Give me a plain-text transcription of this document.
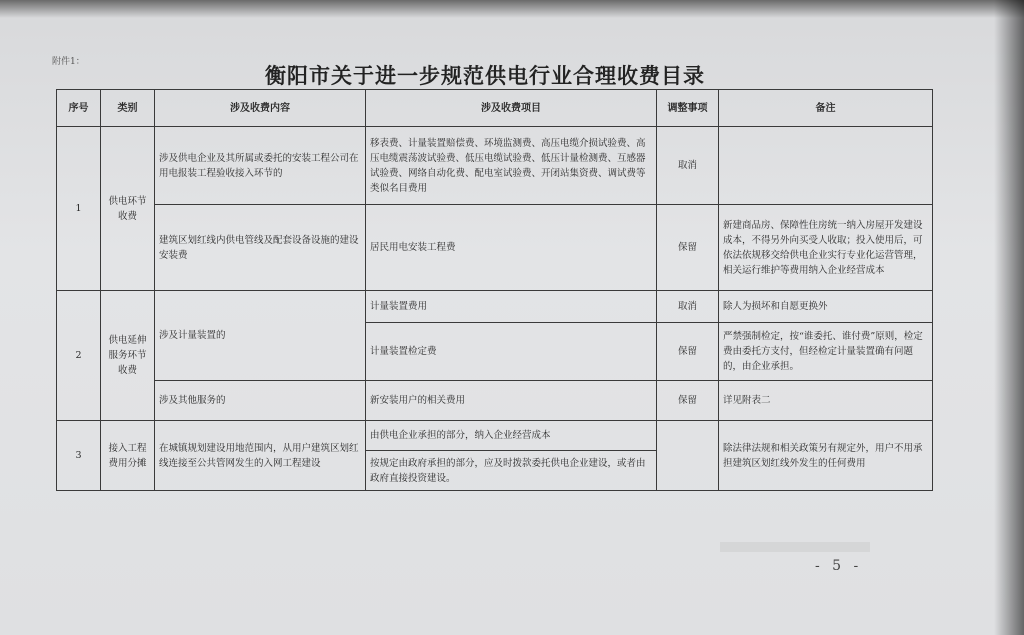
附件1：
衡阳市关于进一步规范供电行业合理收费目录
序号	类别	涉及收费内容	涉及收费项目	调整事项	备注
1	供电环节收费	涉及供电企业及其所属或委托的安装工程公司在用电报装工程验收接入环节的	移表费、计量装置赔偿费、环境监测费、高压电缆介损试验费、高压电缆震荡波试验费、低压电缆试验费、低压计量检测费、互感器试验费、网络自动化费、配电室试验费、开闭站集资费、调试费等类似名目费用	取消	
		建筑区划红线内供电管线及配套设备设施的建设安装费	居民用电安装工程费	保留	新建商品房、保障性住房统一纳入房屋开发建设成本，不得另外向买受人收取；投入使用后，可依法依规移交给供电企业实行专业化运营管理，相关运行维护等费用纳入企业经营成本
2	供电延伸服务环节收费	涉及计量装置的	计量装置费用	取消	除人为损坏和自愿更换外
			计量装置检定费	保留	严禁强制检定，按“谁委托、谁付费”原则，检定费由委托方支付，但经检定计量装置确有问题的，由企业承担。
		涉及其他服务的	新安装用户的相关费用	保留	详见附表二
3	接入工程费用分摊	在城镇规划建设用地范围内，从用户建筑区划红线连接至公共管网发生的入网工程建设	由供电企业承担的部分，纳入企业经营成本		除法律法规和相关政策另有规定外，用户不用承担建筑区划红线外发生的任何费用
			按规定由政府承担的部分，应及时拨款委托供电企业建设，或者由政府直接投资建设。		
- 5 -
